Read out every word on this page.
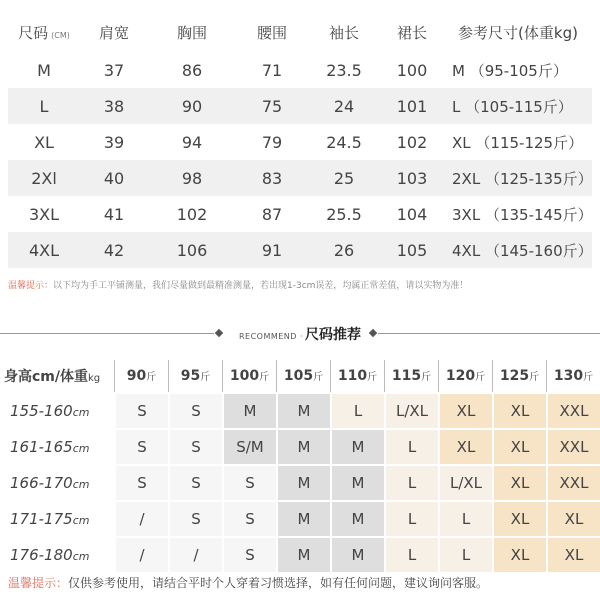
尺码 (CM)	肩宽	胸围	腰围	袖长	裙长	参考尺寸(体重kg)
M	37	86	71	23.5	100	M （95-105斤）
L	38	90	75	24	101	L （105-115斤）
XL	39	94	79	24.5	102	XL （115-125斤）
2Xl	40	98	83	25	103	2XL （125-135斤）
3XL	41	102	87	25.5	104	3XL （135-145斤）
4XL	42	106	91	26	105	4XL （145-160斤）
温馨提示：以下均为手工平铺测量，我们尽量做到最精准测量，若出现1-3cm误差，均属正常差值，请以实物为准！
RECOMMEND · 尺码推荐
身高cm/体重kg	90斤	95斤	100斤	105斤	110斤	115斤	120斤	125斤	130斤
155-160cm	S	S	M	M	L	L/XL	XL	XL	XXL
161-165cm	S	S	S/M	M	M	L	XL	XL	XXL
166-170cm	S	S	S	M	M	L	L/XL	XL	XXL
171-175cm	/	S	S	M	M	L	L	XL	XL
176-180cm	/	/	S	M	M	L	L	XL	XL
温馨提示：仅供参考使用，请结合平时个人穿着习惯选择，如有任何问题，建议询问客服。
